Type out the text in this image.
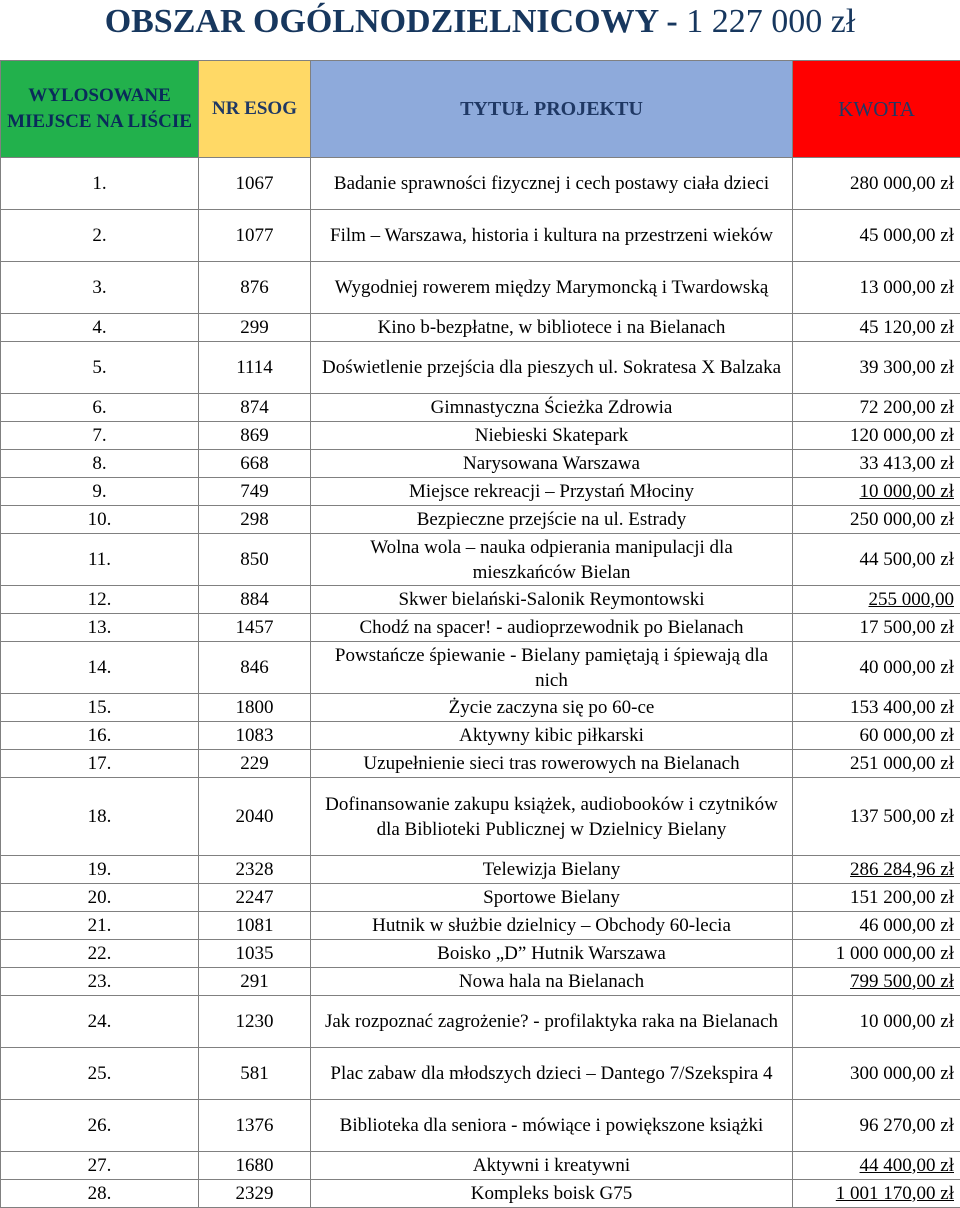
OBSZAR OGÓLNODZIELNICOWY - 1 227 000 zł
WYLOSOWANE MIEJSCE NA LIŚCIE	NR ESOG	TYTUŁ PROJEKTU	KWOTA
1.	1067	Badanie sprawności fizycznej i cech postawy ciała dzieci	280 000,00 zł
2.	1077	Film – Warszawa, historia i kultura na przestrzeni wieków	45 000,00 zł
3.	876	Wygodniej rowerem między Marymoncką i Twardowską	13 000,00 zł
4.	299	Kino b-bezpłatne, w bibliotece i na Bielanach	45 120,00 zł
5.	1114	Doświetlenie przejścia dla pieszych ul. Sokratesa X Balzaka	39 300,00 zł
6.	874	Gimnastyczna Ścieżka Zdrowia	72 200,00 zł
7.	869	Niebieski Skatepark	120 000,00 zł
8.	668	Narysowana Warszawa	33 413,00 zł
9.	749	Miejsce rekreacji – Przystań Młociny	10 000,00 zł
10.	298	Bezpieczne przejście na ul. Estrady	250 000,00 zł
11.	850	Wolna wola – nauka odpierania manipulacji dla mieszkańców Bielan	44 500,00 zł
12.	884	Skwer bielański-Salonik Reymontowski	255 000,00
13.	1457	Chodź na spacer! - audioprzewodnik po Bielanach	17 500,00 zł
14.	846	Powstańcze śpiewanie - Bielany pamiętają i śpiewają dla nich	40 000,00 zł
15.	1800	Życie zaczyna się po 60-ce	153 400,00 zł
16.	1083	Aktywny kibic piłkarski	60 000,00 zł
17.	229	Uzupełnienie sieci tras rowerowych na Bielanach	251 000,00 zł
18.	2040	Dofinansowanie zakupu książek, audiobooków i czytników dla Biblioteki Publicznej w Dzielnicy Bielany	137 500,00 zł
19.	2328	Telewizja Bielany	286 284,96 zł
20.	2247	Sportowe Bielany	151 200,00 zł
21.	1081	Hutnik w służbie dzielnicy – Obchody 60-lecia	46 000,00 zł
22.	1035	Boisko „D” Hutnik Warszawa	1 000 000,00 zł
23.	291	Nowa hala na Bielanach	799 500,00 zł
24.	1230	Jak rozpoznać zagrożenie? - profilaktyka raka na Bielanach	10 000,00 zł
25.	581	Plac zabaw dla młodszych dzieci – Dantego 7/Szekspira 4	300 000,00 zł
26.	1376	Biblioteka dla seniora - mówiące i powiększone książki	96 270,00 zł
27.	1680	Aktywni i kreatywni	44 400,00 zł
28.	2329	Kompleks boisk G75	1 001 170,00 zł
